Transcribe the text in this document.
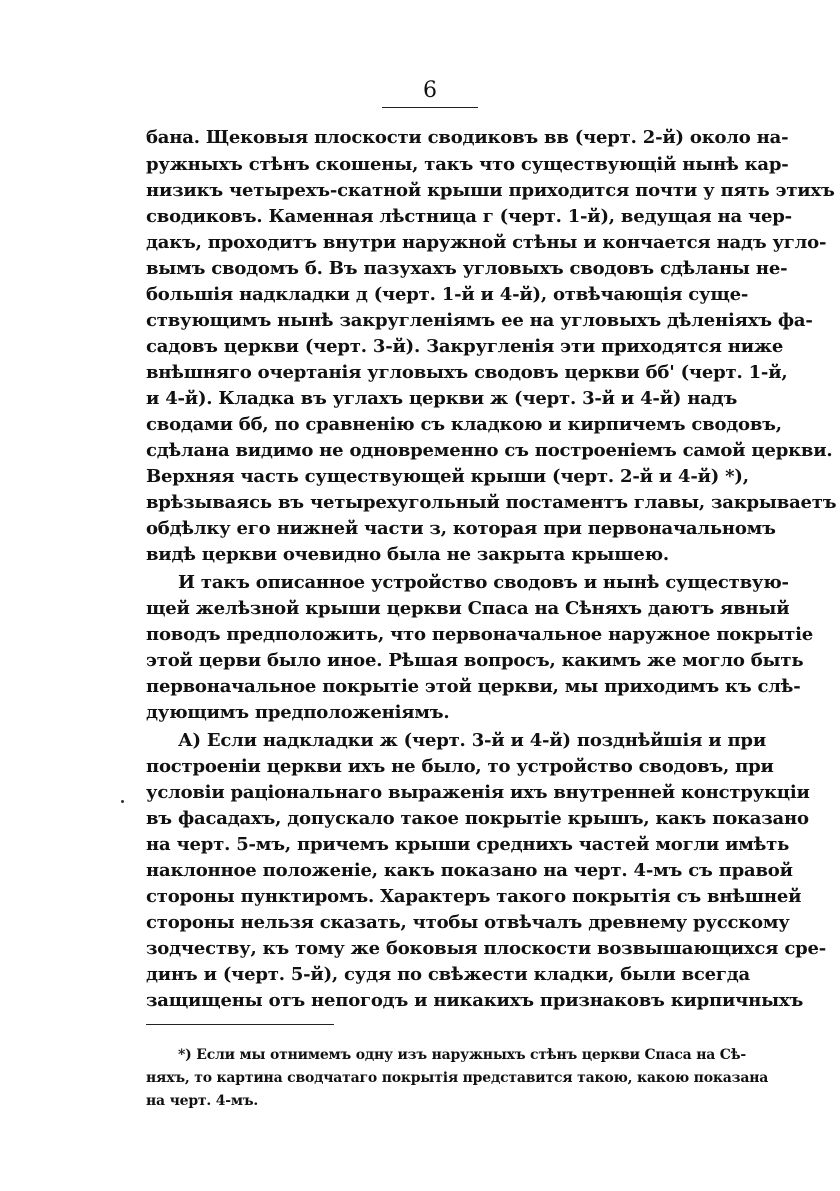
6
бана. Щековыя плоскости сводиковъ вв (черт. 2-й) около на-
ружныхъ стѣнъ скошены, такъ что существующій нынѣ кар-
низикъ четырехъ-скатной крыши приходится почти у пять этихъ
сводиковъ. Каменная лѣстница г (черт. 1-й), ведущая на чер-
дакъ, проходитъ внутри наружной стѣны и кончается надъ угло-
вымъ сводомъ б. Въ пазухахъ угловыхъ сводовъ сдѣланы не-
большія надкладки д (черт. 1-й и 4-й), отвѣчающія суще-
ствующимъ нынѣ закругленіямъ ее на угловыхъ дѣленіяхъ фа-
садовъ церкви (черт. 3-й). Закругленія эти приходятся ниже
внѣшняго очертанія угловыхъ сводовъ церкви бб' (черт. 1-й,
и 4-й). Кладка въ углахъ церкви ж (черт. 3-й и 4-й) надъ
сводами бб, по сравненію съ кладкою и кирпичемъ сводовъ,
сдѣлана видимо не одновременно съ построеніемъ самой церкви.
Верхняя часть существующей крыши (черт. 2-й и 4-й) *),
врѣзываясь въ четырехугольный постаментъ главы, закрываетъ
обдѣлку его нижней части з, которая при первоначальномъ
видѣ церкви очевидно была не закрыта крышею.
И такъ описанное устройство сводовъ и нынѣ существую-
щей желѣзной крыши церкви Спаса на Сѣняхъ даютъ явный
поводъ предположить, что первоначальное наружное покрытіе
этой церви было иное. Рѣшая вопросъ, какимъ же могло быть
первоначальное покрытіе этой церкви, мы приходимъ къ слѣ-
дующимъ предположеніямъ.
А) Если надкладки ж (черт. 3-й и 4-й) позднѣйшія и при
построеніи церкви ихъ не было, то устройство сводовъ, при
условіи раціональнаго выраженія ихъ внутренней конструкціи
въ фасадахъ, допускало такое покрытіе крышъ, какъ показано
на черт. 5-мъ, причемъ крыши среднихъ частей могли имѣть
наклонное положеніе, какъ показано на черт. 4-мъ съ правой
стороны пунктиромъ. Характеръ такого покрытія съ внѣшней
стороны нельзя сказать, чтобы отвѣчалъ древнему русскому
зодчеству, къ тому же боковыя плоскости возвышающихся сре-
динъ и (черт. 5-й), судя по свѣжести кладки, были всегда
защищены отъ непогодъ и никакихъ признаковъ кирпичныхъ
*) Если мы отнимемъ одну изъ наружныхъ стѣнъ церкви Спаса на Сѣ-
няхъ, то картина сводчатаго покрытія представится такою, какою показана
на черт. 4-мъ.
